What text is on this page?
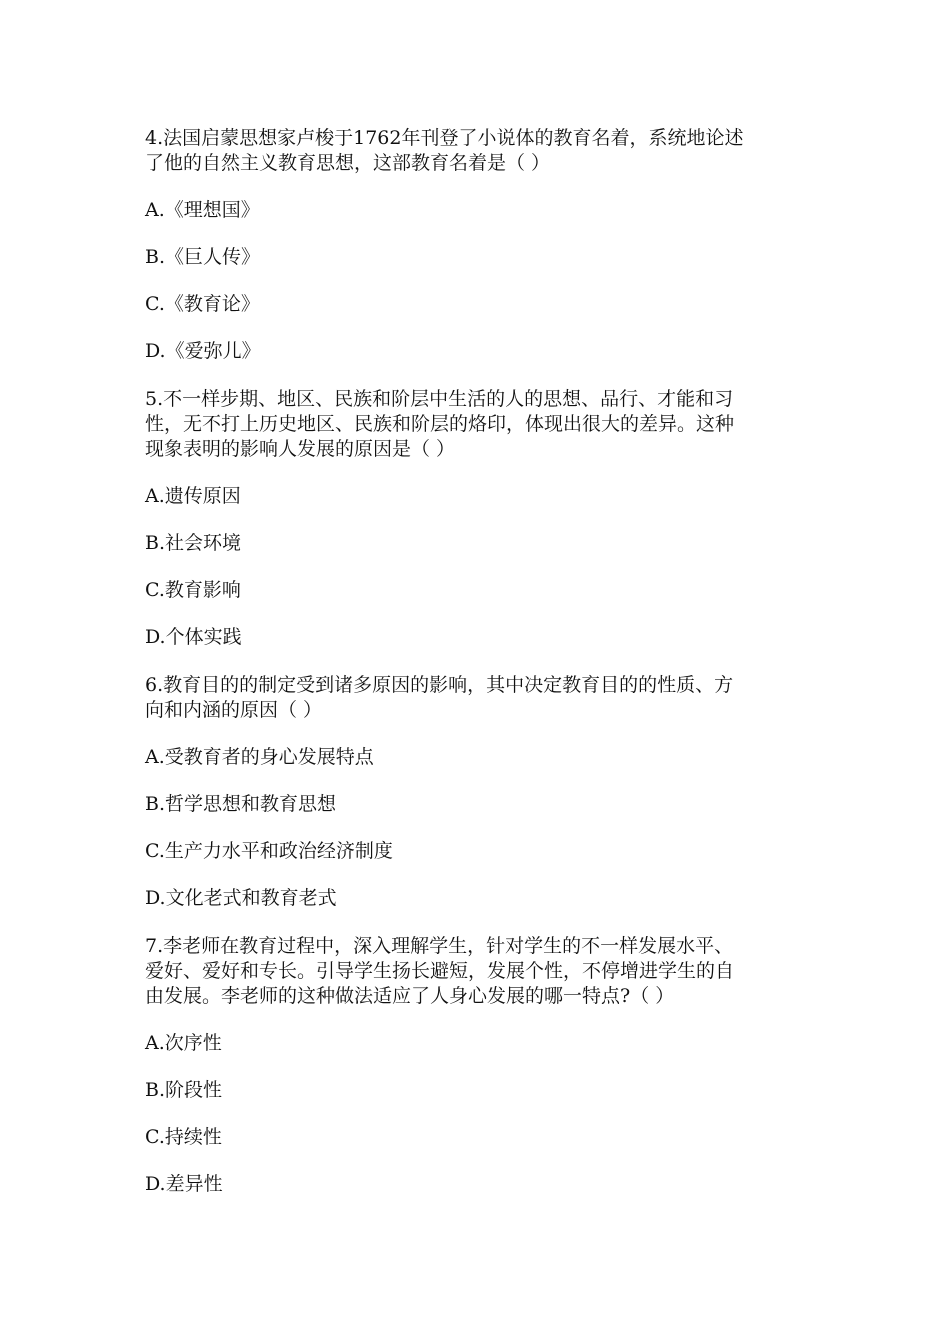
4.法国启蒙思想家卢梭于1762年刊登了小说体的教育名着，系统地论述
了他的自然主义教育思想，这部教育名着是（ ）
A.《理想国》
B.《巨人传》
C.《教育论》
D.《爱弥儿》
5.不一样步期、地区、民族和阶层中生活的人的思想、品行、才能和习
性，无不打上历史地区、民族和阶层的烙印，体现出很大的差异。这种
现象表明的影响人发展的原因是（ ）
A.遗传原因
B.社会环境
C.教育影响
D.个体实践
6.教育目的的制定受到诸多原因的影响，其中决定教育目的的性质、方
向和内涵的原因（ ）
A.受教育者的身心发展特点
B.哲学思想和教育思想
C.生产力水平和政治经济制度
D.文化老式和教育老式
7.李老师在教育过程中，深入理解学生，针对学生的不一样发展水平、
爱好、爱好和专长。引导学生扬长避短，发展个性，不停增进学生的自
由发展。李老师的这种做法适应了人身心发展的哪一特点?（ ）
A.次序性
B.阶段性
C.持续性
D.差异性
